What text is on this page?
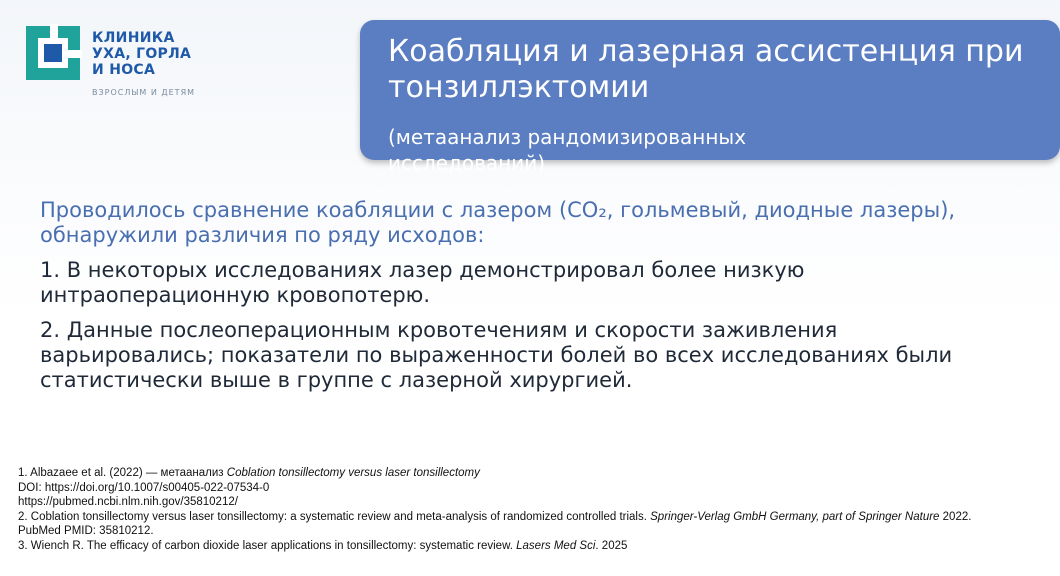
КЛИНИКА
УХА, ГОРЛА
И НОСА
ВЗРОСЛЫМ И ДЕТЯМ
Коабляция и лазерная ассистенция при тонзиллэктомии
(метаанализ рандомизированных исследований)

Проводилось сравнение коабляции с лазером (CO₂, гольмевый, диодные лазеры), обнаружили различия по ряду исходов:

1. В некоторых исследованиях лазер демонстрировал более низкую интраоперационную кровопотерю.

2. Данные послеоперационным кровотечениям и скорости заживления варьировались; показатели по выраженности болей во всех исследованиях были статистически выше в группе с лазерной хирургией.

1. Albazaee et al. (2022) — метаанализ Coblation tonsillectomy versus laser tonsillectomy
DOI: https://doi.org/10.1007/s00405-022-07534-0
https://pubmed.ncbi.nlm.nih.gov/35810212/
2. Coblation tonsillectomy versus laser tonsillectomy: a systematic review and meta-analysis of randomized controlled trials. Springer-Verlag GmbH Germany, part of Springer Nature 2022. PubMed PMID: 35810212.
3. Wiench R. The efficacy of carbon dioxide laser applications in tonsillectomy: systematic review. Lasers Med Sci. 2025
